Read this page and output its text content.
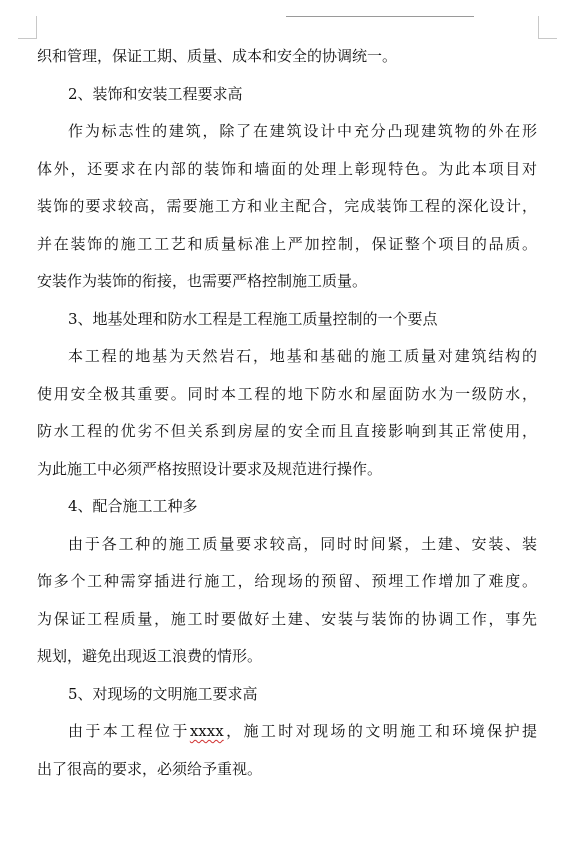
织和管理，保证工期、质量、成本和安全的协调统一。
2、装饰和安装工程要求高
作为标志性的建筑，除了在建筑设计中充分凸现建筑物的外在形
体外，还要求在内部的装饰和墙面的处理上彰现特色。为此本项目对
装饰的要求较高，需要施工方和业主配合，完成装饰工程的深化设计，
并在装饰的施工工艺和质量标准上严加控制，保证整个项目的品质。
安装作为装饰的衔接，也需要严格控制施工质量。
3、地基处理和防水工程是工程施工质量控制的一个要点
本工程的地基为天然岩石，地基和基础的施工质量对建筑结构的
使用安全极其重要。同时本工程的地下防水和屋面防水为一级防水，
防水工程的优劣不但关系到房屋的安全而且直接影响到其正常使用，
为此施工中必须严格按照设计要求及规范进行操作。
4、配合施工工种多
由于各工种的施工质量要求较高，同时时间紧，土建、安装、装
饰多个工种需穿插进行施工，给现场的预留、预埋工作增加了难度。
为保证工程质量，施工时要做好土建、安装与装饰的协调工作，事先
规划，避免出现返工浪费的情形。
5、对现场的文明施工要求高
由于本工程位于xxxx，施工时对现场的文明施工和环境保护提
出了很高的要求，必须给予重视。
